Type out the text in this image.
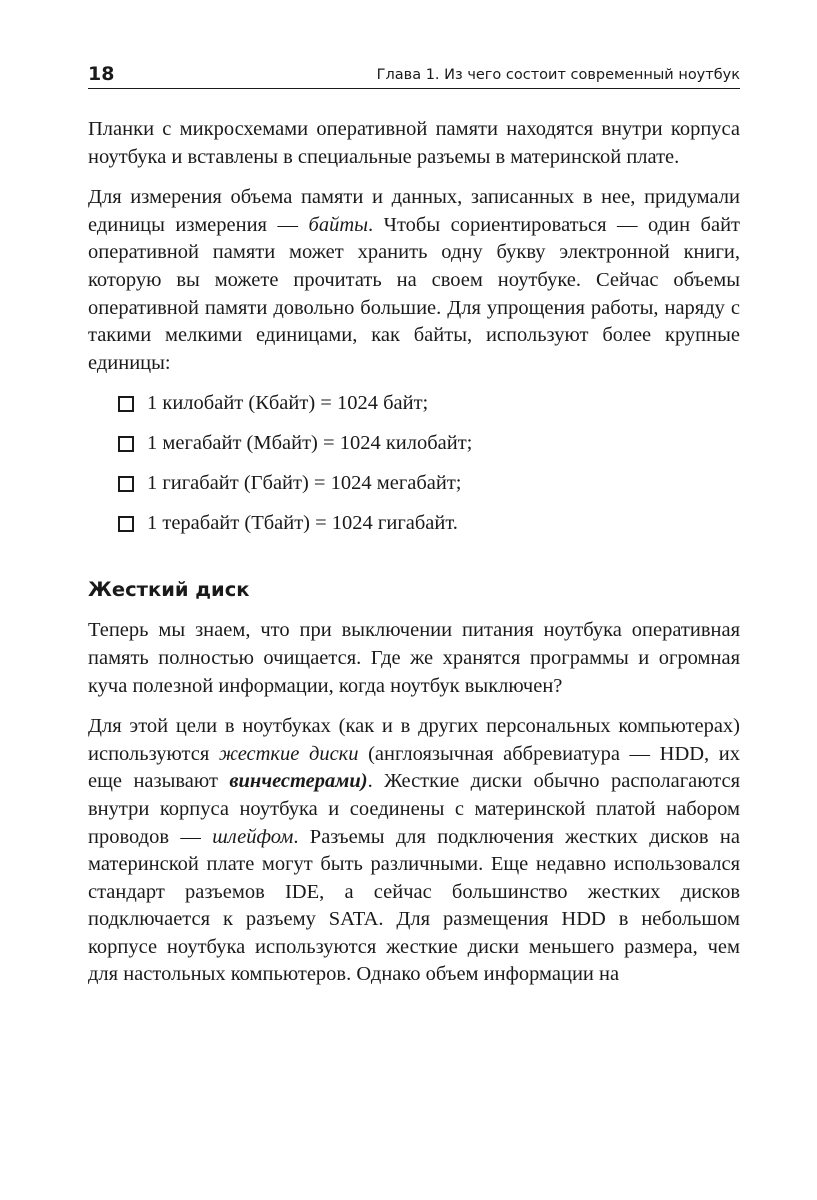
18	Глава 1. Из чего состоит современный ноутбук

Планки с микросхемами оперативной памяти находятся внутри корпуса ноутбука и вставлены в специальные разъемы в материнской плате.

Для измерения объема памяти и данных, записанных в нее, придумали единицы измерения — байты. Чтобы сориентироваться — один байт оперативной памяти может хранить одну букву электронной книги, которую вы можете прочитать на своем ноутбуке. Сейчас объемы оперативной памяти довольно большие. Для упрощения работы, наряду с такими мелкими единицами, как байты, используют более крупные единицы:

1 килобайт (Кбайт) = 1024 байт;
1 мегабайт (Мбайт) = 1024 килобайт;
1 гигабайт (Гбайт) = 1024 мегабайт;
1 терабайт (Тбайт) = 1024 гигабайт.
Жесткий диск

Теперь мы знаем, что при выключении питания ноутбука оперативная память полностью очищается. Где же хранятся программы и огромная куча полезной информации, когда ноутбук выключен?

Для этой цели в ноутбуках (как и в других персональных компьютерах) используются жесткие диски (англоязычная аббревиатура — HDD, их еще называют винчестерами). Жесткие диски обычно располагаются внутри корпуса ноутбука и соединены с материнской платой набором проводов — шлейфом. Разъемы для подключения жестких дисков на материнской плате могут быть различными. Еще недавно использовался стандарт разъемов IDE, а сейчас большинство жестких дисков подключается к разъему SATA. Для размещения HDD в небольшом корпусе ноутбука используются жесткие диски меньшего размера, чем для настольных компьютеров. Однако объем информации на
